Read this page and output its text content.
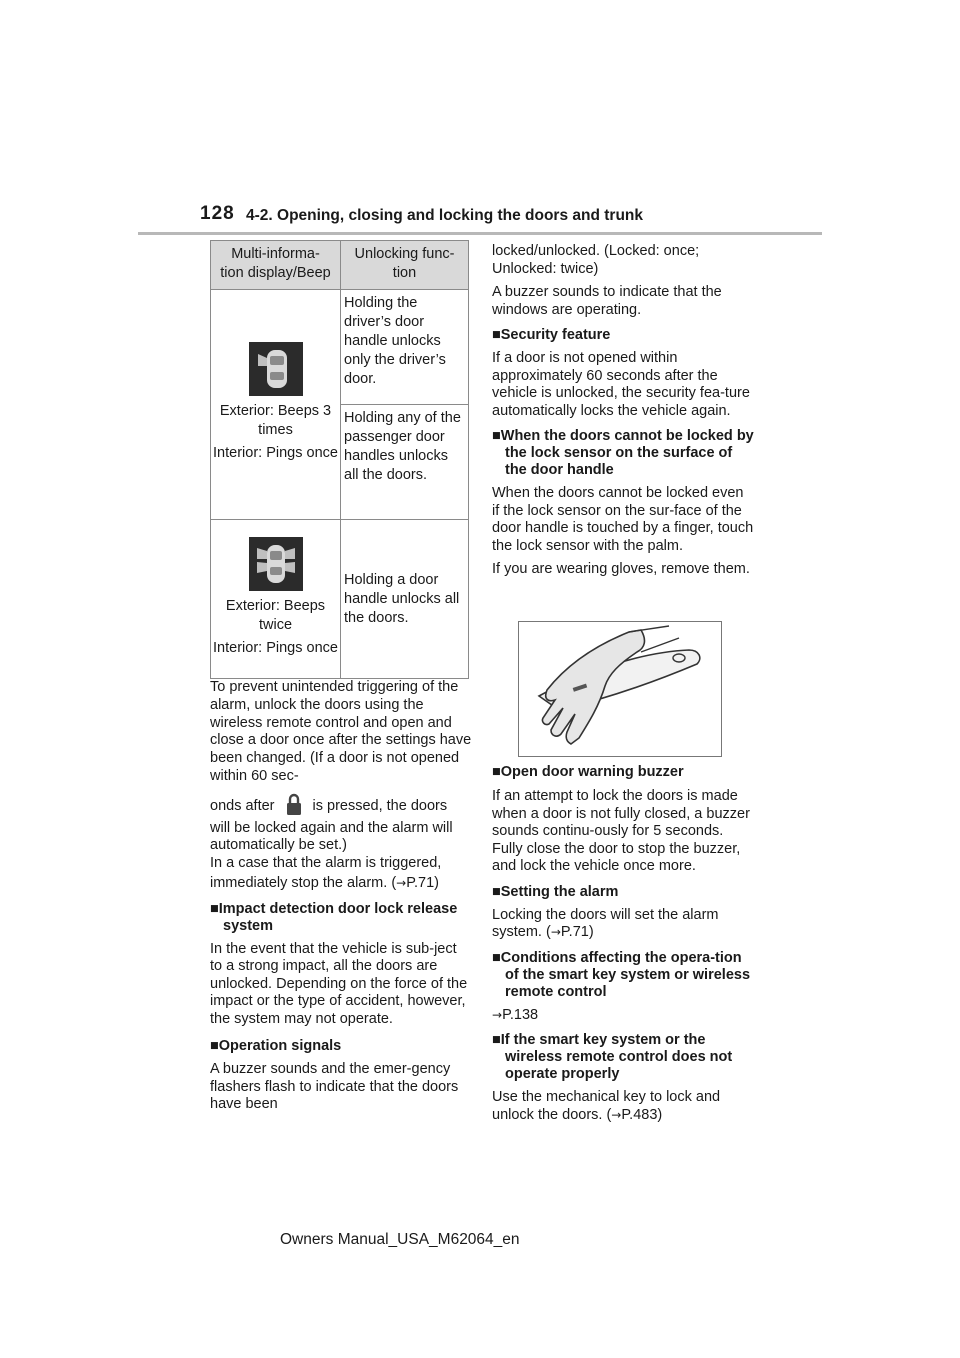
128 4-2. Opening, closing and locking the doors and trunk
Multi-informa-
tion display/Beep	Unlocking func-
tion

Exterior: Beeps 3 times

Interior: Pings once	Holding the driver’s door handle unlocks only the driver’s door.
	Holding any of the passenger door handles unlocks all the doors.

Exterior: Beeps twice

Interior: Pings once	Holding a door handle unlocks all the doors.

To prevent unintended triggering of the alarm, unlock the doors using the wireless remote control and open and close a door once after the settings have been changed. (If a door is not opened within 60 sec-

onds after	is pressed, the doors

will be locked again and the alarm will automatically be set.)

In a case that the alarm is triggered,

immediately stop the alarm. (→P.71)

■Impact detection door lock release system

In the event that the vehicle is sub-ject to a strong impact, all the doors are unlocked. Depending on the force of the impact or the type of accident, however, the system may not operate.

■Operation signals

A buzzer sounds and the emer-gency flashers flash to indicate that the doors have been

locked/unlocked. (Locked: once; Unlocked: twice)

A buzzer sounds to indicate that the windows are operating.

■Security feature

If a door is not opened within approximately 60 seconds after the vehicle is unlocked, the security fea-ture automatically locks the vehicle again.

■When the doors cannot be locked by the lock sensor on the surface of the door handle

When the doors cannot be locked even if the lock sensor on the sur-face of the door handle is touched by a finger, touch the lock sensor with the palm.

If you are wearing gloves, remove them.

■Open door warning buzzer

If an attempt to lock the doors is made when a door is not fully closed, a buzzer sounds continu-ously for 5 seconds. Fully close the door to stop the buzzer, and lock the vehicle once more.

■Setting the alarm

Locking the doors will set the alarm system. (→P.71)

■Conditions affecting the opera-tion of the smart key system or wireless remote control

→P.138

■If the smart key system or the wireless remote control does not operate properly

Use the mechanical key to lock and unlock the doors. (→P.483)

Owners Manual_USA_M62064_en
